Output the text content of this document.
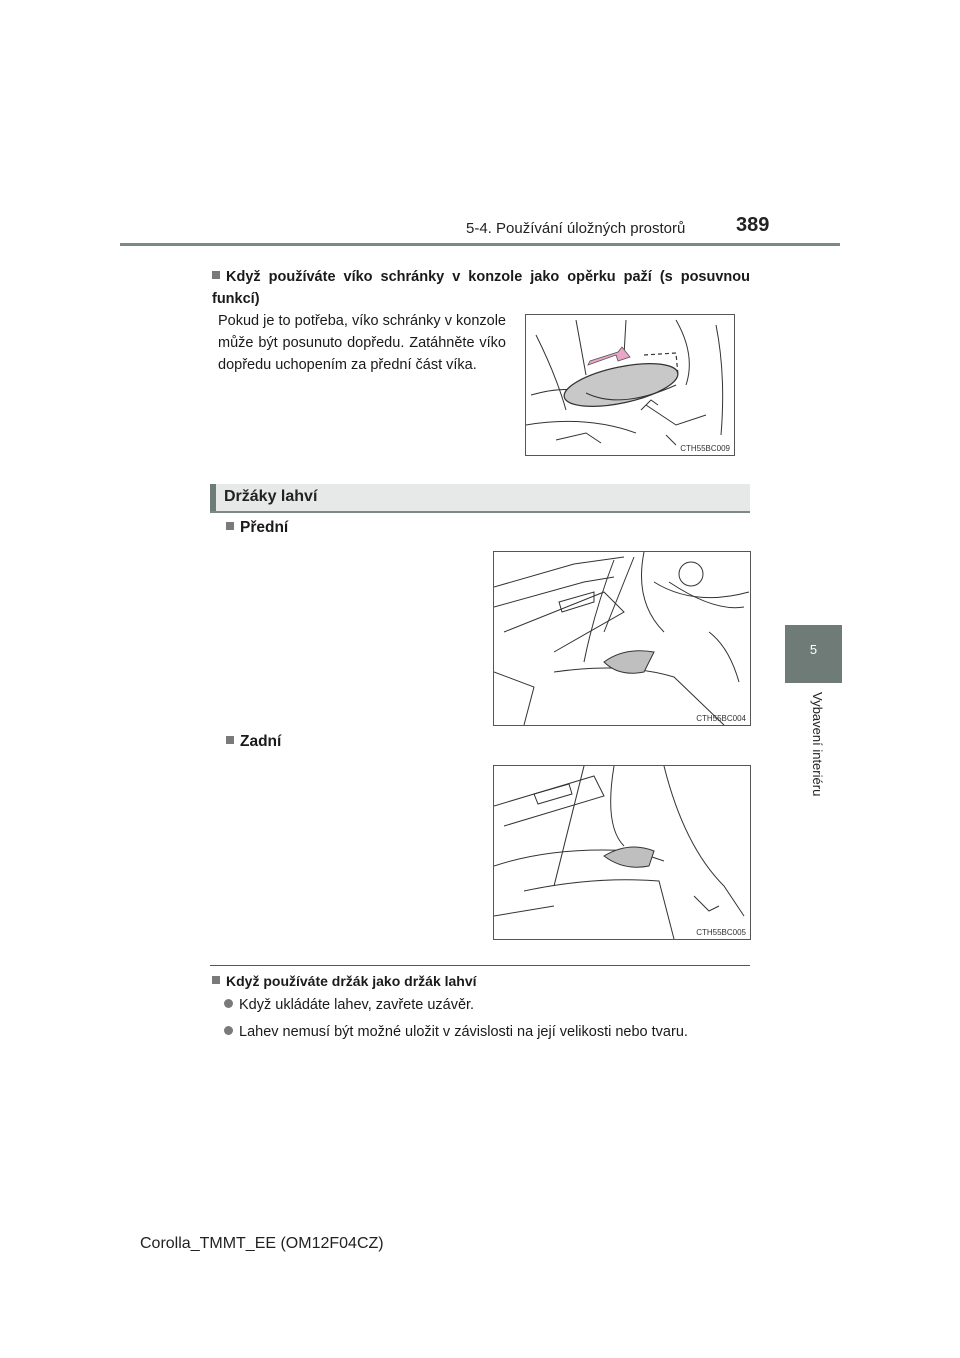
5-4. Používání úložných prostorů	389
5
Vybavení interiéru
Když používáte víko schránky v konzole jako opěrku paží (s posuvnou funkcí)
Pokud je to potřeba, víko schránky v konzole může být posunuto dopředu. Zatáhněte víko dopředu uchopením za přední část víka.
CTH55BC009
Držáky lahví
Přední
CTH55BC004
Zadní
CTH55BC005
Když používáte držák jako držák lahví
Když ukládáte lahev, zavřete uzávěr.
Lahev nemusí být možné uložit v závislosti na její velikosti nebo tvaru.
Corolla_TMMT_EE (OM12F04CZ)
